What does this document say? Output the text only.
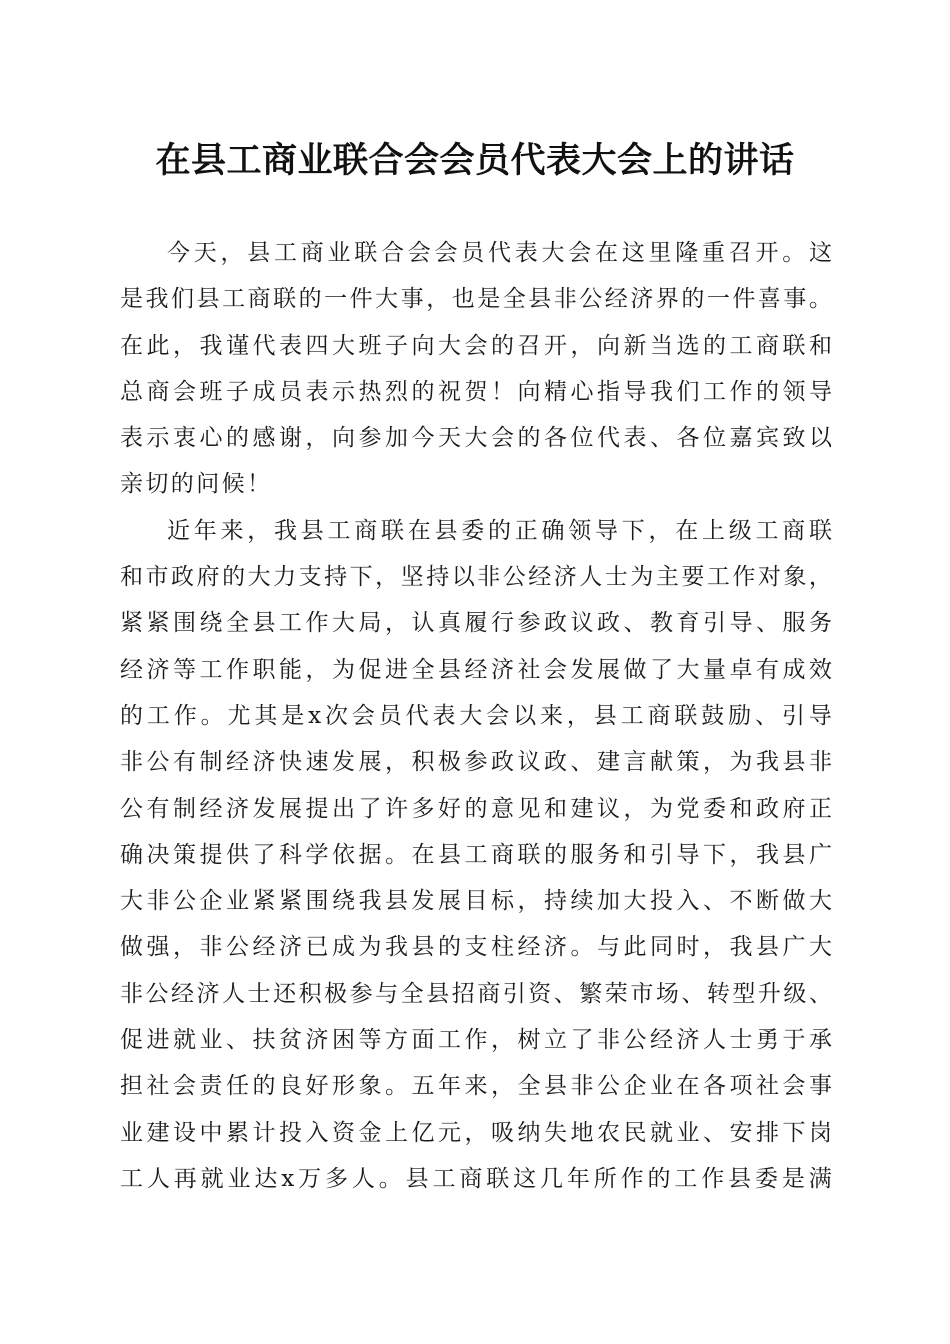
在县工商业联合会会员代表大会上的讲话
今 天 ， 县 工 商 业 联 合 会 会 员 代 表 大 会 在 这 里 隆 重 召 开 。 这
是 我 们 县 工 商 联 的 一 件 大 事 ， 也 是 全 县 非 公 经 济 界 的 一 件 喜 事 。
在 此 ， 我 谨 代 表 四 大 班 子 向 大 会 的 召 开 ， 向 新 当 选 的 工 商 联 和
总 商 会 班 子 成 员 表 示 热 烈 的 祝 贺 ！ 向 精 心 指 导 我 们 工 作 的 领 导
表 示 衷 心 的 感 谢 ， 向 参 加 今 天 大 会 的 各 位 代 表 、 各 位 嘉 宾 致 以
亲切的问候！
近 年 来 ， 我 县 工 商 联 在 县 委 的 正 确 领 导 下 ， 在 上 级 工 商 联
和 市 政 府 的 大 力 支 持 下 ， 坚 持 以 非 公 经 济 人 士 为 主 要 工 作 对 象 ，
紧 紧 围 绕 全 县 工 作 大 局 ， 认 真 履 行 参 政 议 政 、 教 育 引 导 、 服 务
经 济 等 工 作 职 能 ， 为 促 进 全 县 经 济 社 会 发 展 做 了 大 量 卓 有 成 效
的 工 作 。 尤 其 是 x 次 会 员 代 表 大 会 以 来 ， 县 工 商 联 鼓 励 、 引 导
非 公 有 制 经 济 快 速 发 展 ， 积 极 参 政 议 政 、 建 言 献 策 ， 为 我 县 非
公 有 制 经 济 发 展 提 出 了 许 多 好 的 意 见 和 建 议 ， 为 党 委 和 政 府 正
确 决 策 提 供 了 科 学 依 据 。 在 县 工 商 联 的 服 务 和 引 导 下 ， 我 县 广
大 非 公 企 业 紧 紧 围 绕 我 县 发 展 目 标 ， 持 续 加 大 投 入 、 不 断 做 大
做 强 ， 非 公 经 济 已 成 为 我 县 的 支 柱 经 济 。 与 此 同 时 ， 我 县 广 大
非 公 经 济 人 士 还 积 极 参 与 全 县 招 商 引 资 、 繁 荣 市 场 、 转 型 升 级 、
促 进 就 业 、 扶 贫 济 困 等 方 面 工 作 ， 树 立 了 非 公 经 济 人 士 勇 于 承
担 社 会 责 任 的 良 好 形 象 。 五 年 来 ， 全 县 非 公 企 业 在 各 项 社 会 事
业 建 设 中 累 计 投 入 资 金 上 亿 元 ， 吸 纳 失 地 农 民 就 业 、 安 排 下 岗
工 人 再 就 业 达 x 万 多 人 。 县 工 商 联 这 几 年 所 作 的 工 作 县 委 是 满
